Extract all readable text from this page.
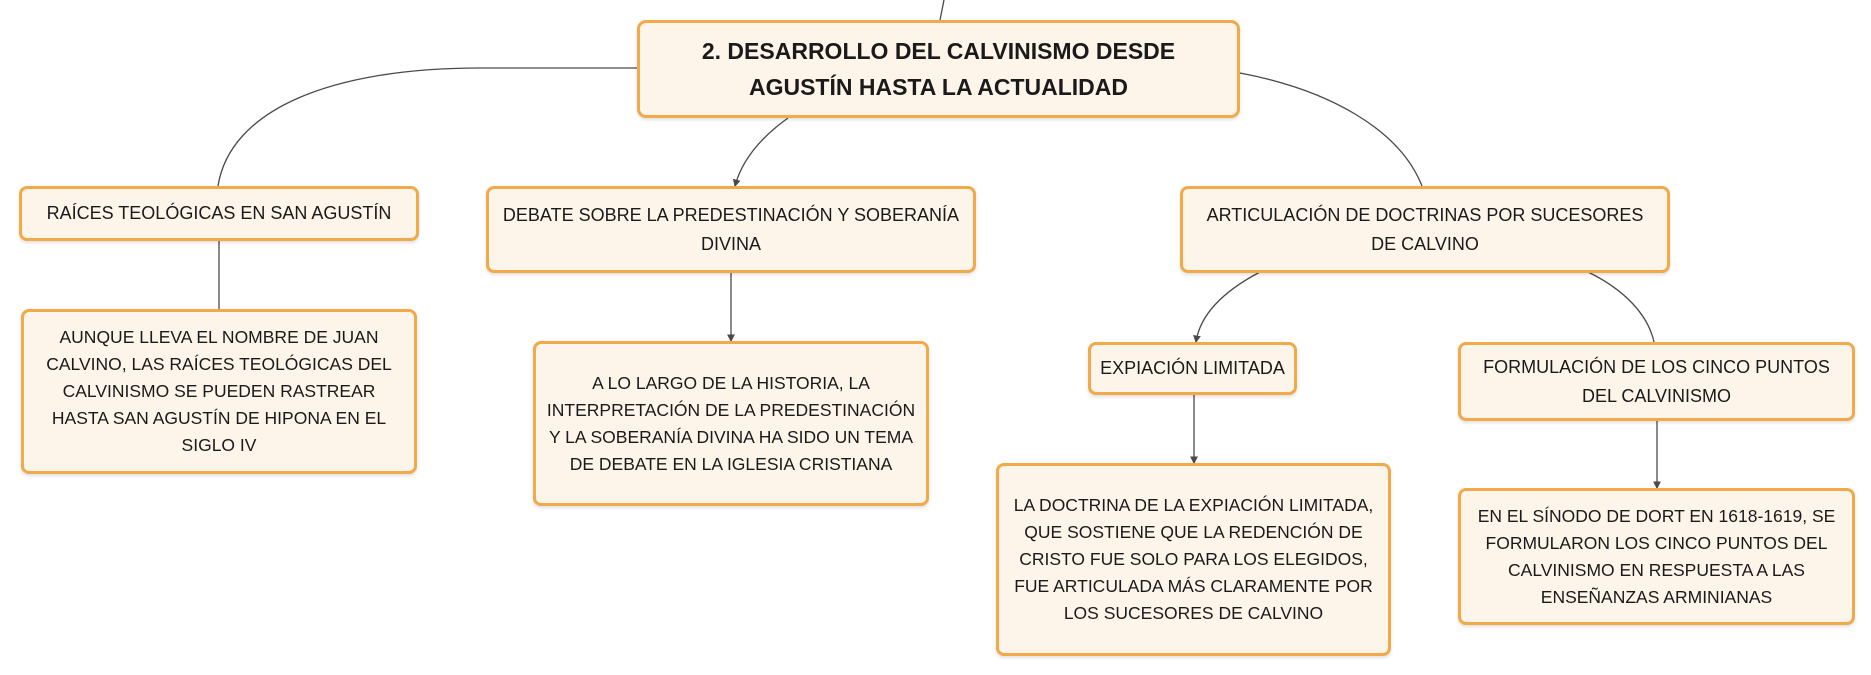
2. DESARROLLO DEL CALVINISMO DESDE AGUSTÍN HASTA LA ACTUALIDAD
RAÍCES TEOLÓGICAS EN SAN AGUSTÍN
AUNQUE LLEVA EL NOMBRE DE JUAN CALVINO, LAS RAÍCES TEOLÓGICAS DEL CALVINISMO SE PUEDEN RASTREAR HASTA SAN AGUSTÍN DE HIPONA EN EL SIGLO IV
DEBATE SOBRE LA PREDESTINACIÓN Y SOBERANÍA DIVINA
A LO LARGO DE LA HISTORIA, LA INTERPRETACIÓN DE LA PREDESTINACIÓN Y LA SOBERANÍA DIVINA HA SIDO UN TEMA DE DEBATE EN LA IGLESIA CRISTIANA
ARTICULACIÓN DE DOCTRINAS POR SUCESORES DE CALVINO
EXPIACIÓN LIMITADA
LA DOCTRINA DE LA EXPIACIÓN LIMITADA, QUE SOSTIENE QUE LA REDENCIÓN DE CRISTO FUE SOLO PARA LOS ELEGIDOS, FUE ARTICULADA MÁS CLARAMENTE POR LOS SUCESORES DE CALVINO
FORMULACIÓN DE LOS CINCO PUNTOS DEL CALVINISMO
EN EL SÍNODO DE DORT EN 1618-1619, SE FORMULARON LOS CINCO PUNTOS DEL CALVINISMO EN RESPUESTA A LAS ENSEÑANZAS ARMINIANAS
